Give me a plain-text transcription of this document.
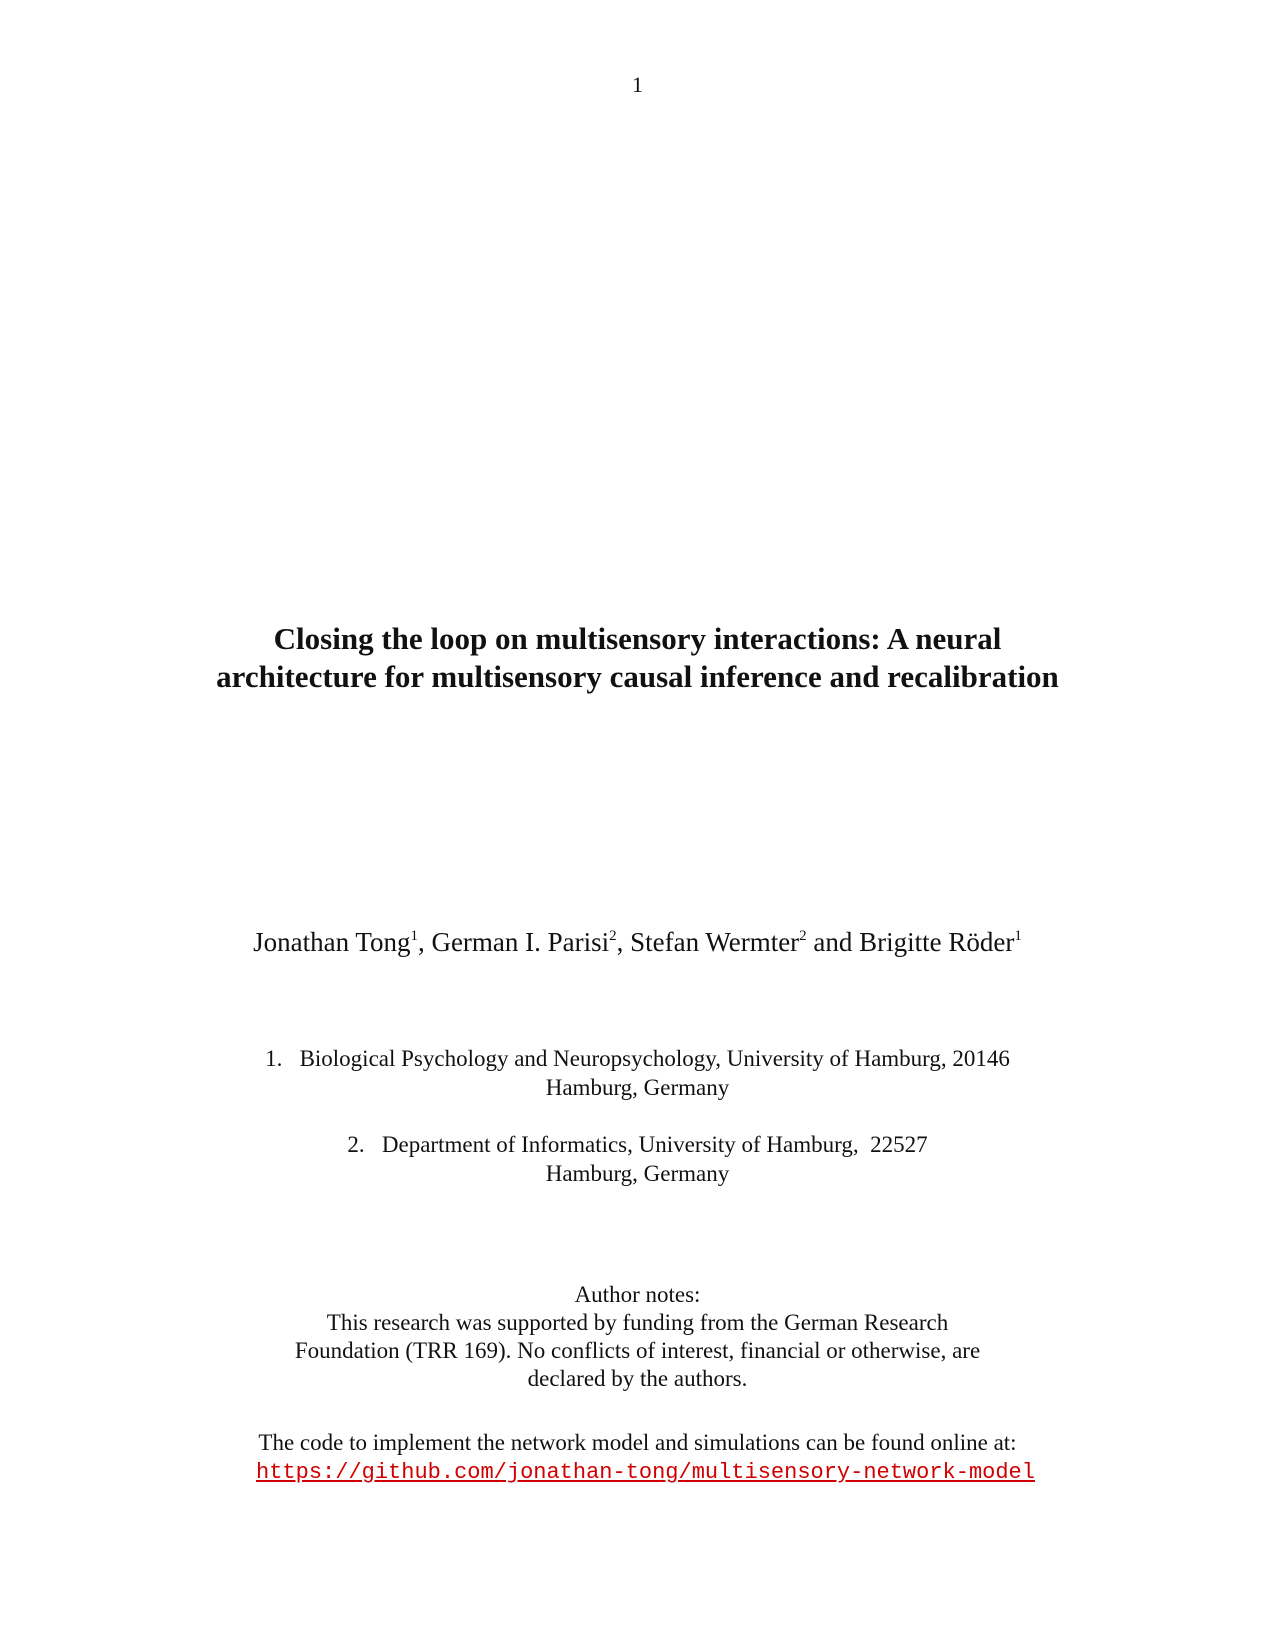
1
Closing the loop on multisensory interactions: A neural
architecture for multisensory causal inference and recalibration
Jonathan Tong$^1$, German I. Parisi$^2$, Stefan Wermter$^2$ and Brigitte Röder$^1$
1.   Biological Psychology and Neuropsychology, University of Hamburg, 20146
Hamburg, Germany
2.   Department of Informatics, University of Hamburg,  22527
Hamburg, Germany
Author notes:
This research was supported by funding from the German Research
Foundation (TRR 169). No conflicts of interest, financial or otherwise, are
declared by the authors.
The code to implement the network model and simulations can be found online at:
https://github.com/jonathan-tong/multisensory-network-model
